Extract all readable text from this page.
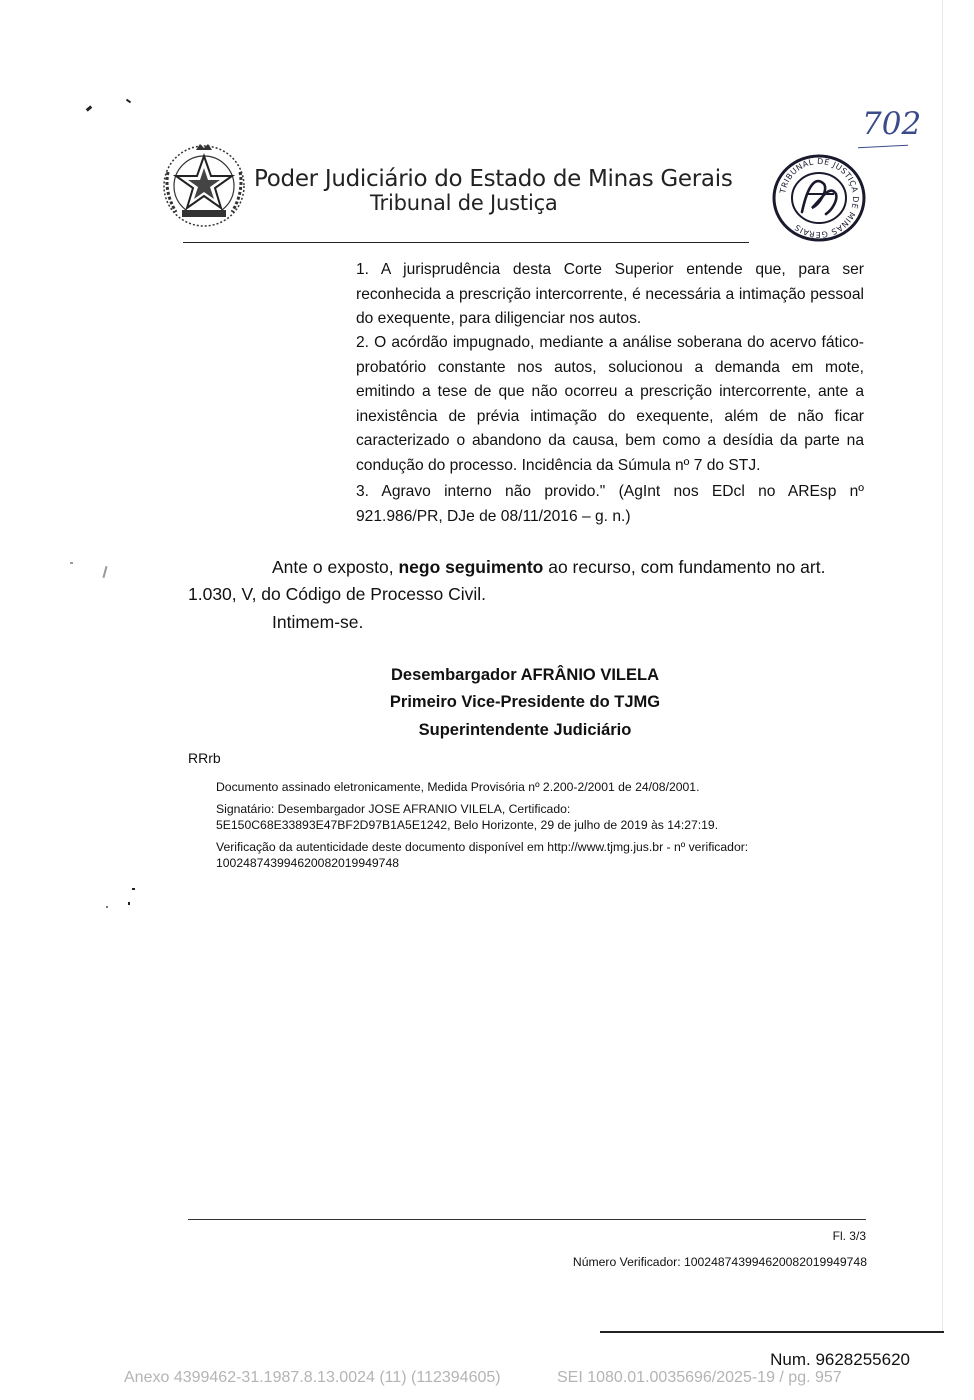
Poder Judiciário do Estado de Minas Gerais
Tribunal de Justiça
702
TRIBUNAL DE JUSTIÇA DE MINAS GERAIS

1. A jurisprudência desta Corte Superior entende que, para ser reconhecida a prescrição intercorrente, é necessária a intimação pessoal do exequente, para diligenciar nos autos.

2. O acórdão impugnado, mediante a análise soberana do acervo fático-probatório constante nos autos, solucionou a demanda em mote, emitindo a tese de que não ocorreu a prescrição intercorrente, ante a inexistência de prévia intimação do exequente, além de não ficar caracterizado o abandono da causa, bem como a desídia da parte na condução do processo. Incidência da Súmula nº 7 do STJ.

3. Agravo interno não provido." (AgInt nos EDcl no AREsp nº 921.986/PR, DJe de 08/11/2016 – g. n.)

Ante o exposto, nego seguimento ao recurso, com fundamento no art.
1.030, V, do Código de Processo Civil.
Intimem-se.
Desembargador AFRÂNIO VILELA
Primeiro Vice-Presidente do TJMG
Superintendente Judiciário
RRrb
Documento assinado eletronicamente, Medida Provisória nº 2.200-2/2001 de 24/08/2001.
Signatário: Desembargador JOSE AFRANIO VILELA, Certificado:
5E150C68E33893E47BF2D97B1A5E1242, Belo Horizonte, 29 de julho de 2019 às 14:27:19.
Verificação da autenticidade deste documento disponível em http://www.tjmg.jus.br - nº verificador:
100248743994620082019949748
Fl. 3/3
Número Verificador: 100248743994620082019949748
Num. 9628255620
Anexo 4399462-31.1987.8.13.0024 (11) (112394605)	SEI 1080.01.0035696/2025-19 / pg. 957
